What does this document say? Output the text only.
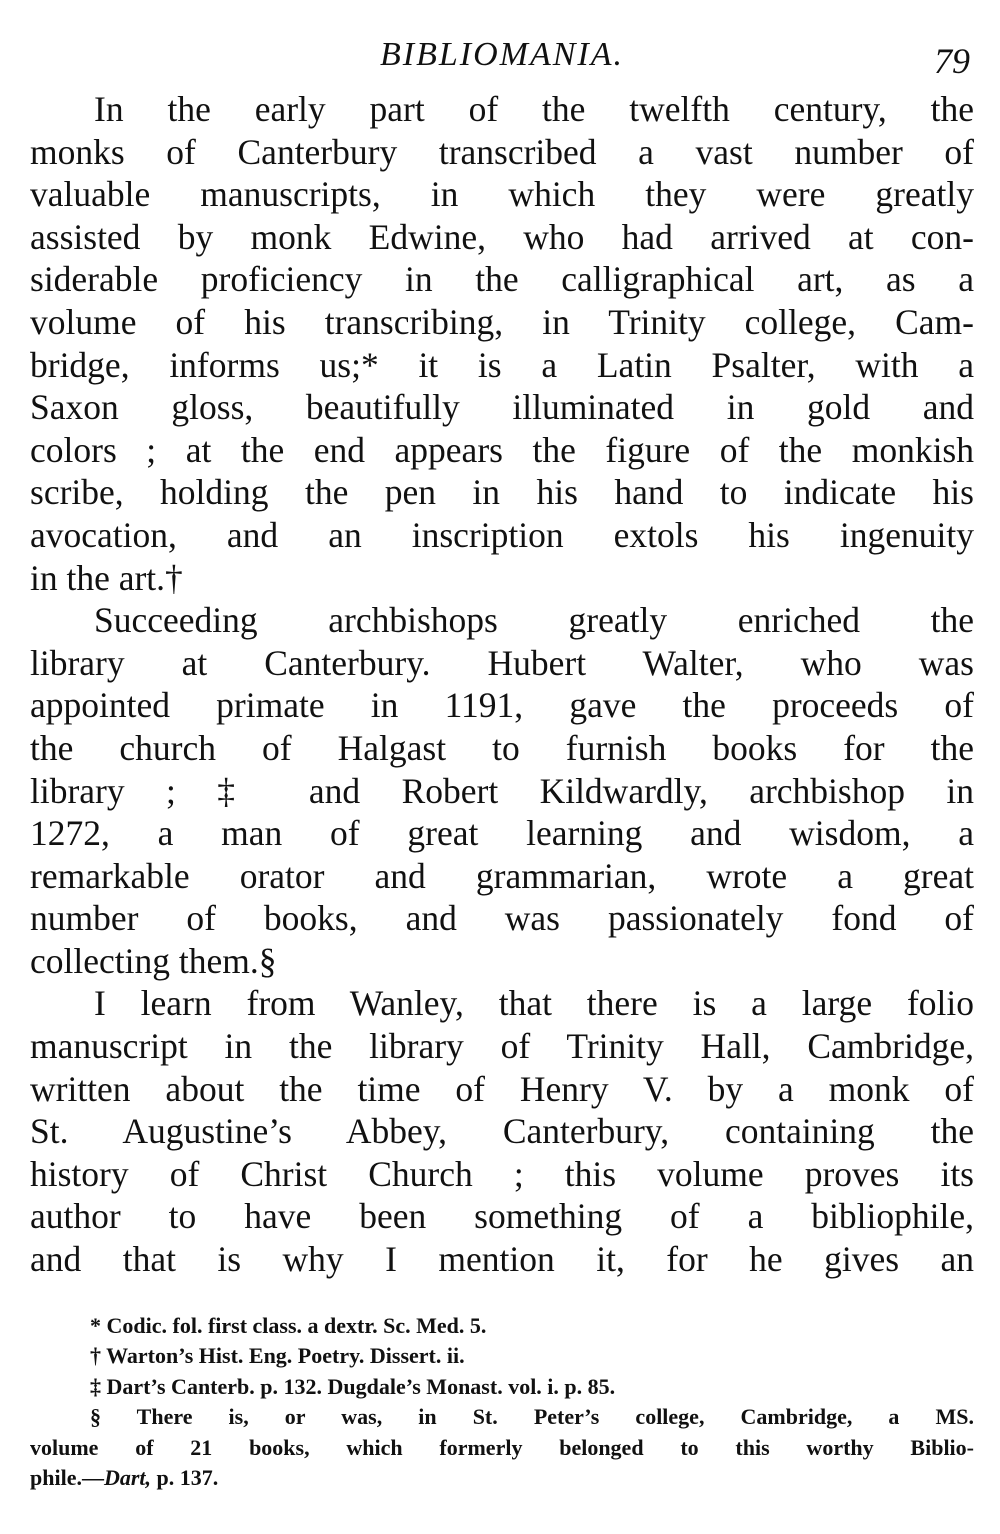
BIBLIOMANIA.	79

In the early part of the twelfth century, the
monks of Canterbury transcribed a vast number of
valuable manuscripts, in which they were greatly
assisted by monk Edwine, who had arrived at con-
siderable proficiency in the calligraphical art, as a
volume of his transcribing, in Trinity college, Cam-
bridge, informs us;* it is a Latin Psalter, with a
Saxon gloss, beautifully illuminated in gold and
colors ; at the end appears the figure of the monkish
scribe, holding the pen in his hand to indicate his
avocation, and an inscription extols his ingenuity
in the art.†

Succeeding archbishops greatly enriched the
library at Canterbury. Hubert Walter, who was
appointed primate in 1191, gave the proceeds of
the church of Halgast to furnish books for the
library ; ‡ and Robert Kildwardly, archbishop in
1272, a man of great learning and wisdom, a
remarkable orator and grammarian, wrote a great
number of books, and was passionately fond of
collecting them.§

I learn from Wanley, that there is a large folio
manuscript in the library of Trinity Hall, Cambridge,
written about the time of Henry V. by a monk of
St. Augustine’s Abbey, Canterbury, containing the
history of Christ Church ; this volume proves its
author to have been something of a bibliophile,
and that is why I mention it, for he gives an

* Codic. fol. first class. a dextr. Sc. Med. 5.
† Warton’s Hist. Eng. Poetry. Dissert. ii.
‡ Dart’s Canterb. p. 132. Dugdale’s Monast. vol. i. p. 85.
§ There is, or was, in St. Peter’s college, Cambridge, a MS.
volume of 21 books, which formerly belonged to this worthy Biblio-
phile.—Dart, p. 137.
